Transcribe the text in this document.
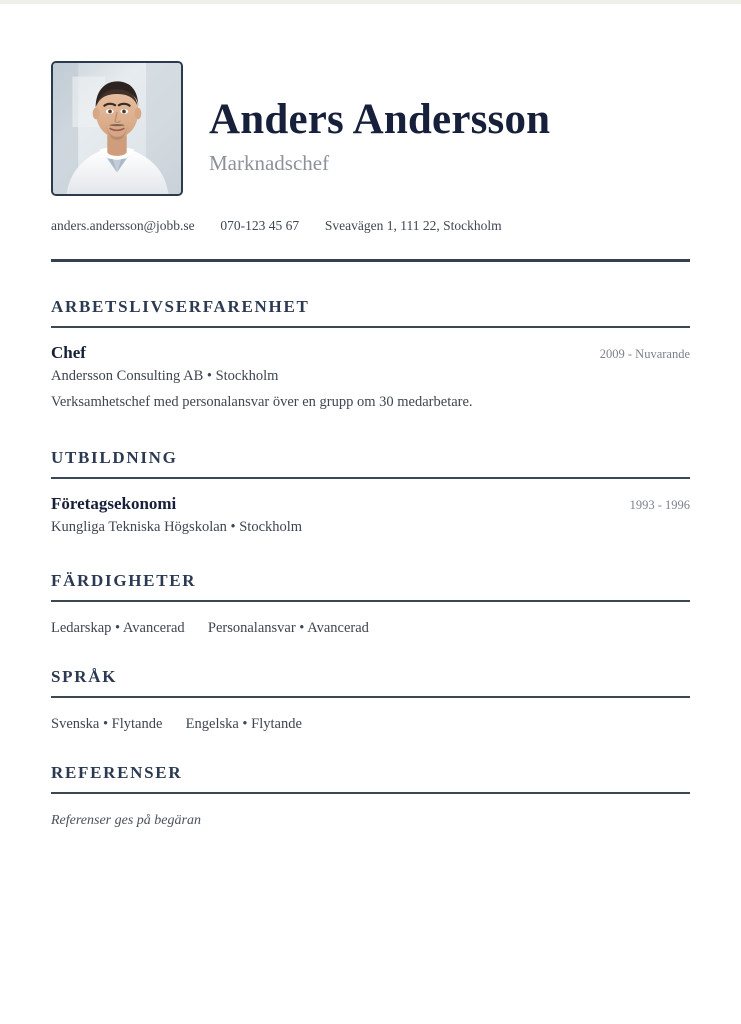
Anders Andersson
Marknadschef
anders.andersson@jobb.se 070-123 45 67 Sveavägen 1, 111 22, Stockholm
ARBETSLIVSERFARENHET
Chef	2009 - Nuvarande
Andersson Consulting AB • Stockholm
Verksamhetschef med personalansvar över en grupp om 30 medarbetare.
UTBILDNING
Företagsekonomi	1993 - 1996
Kungliga Tekniska Högskolan • Stockholm
FÄRDIGHETER
Ledarskap • Avancerad Personalansvar • Avancerad
SPRÅK
Svenska • Flytande Engelska • Flytande
REFERENSER
Referenser ges på begäran
